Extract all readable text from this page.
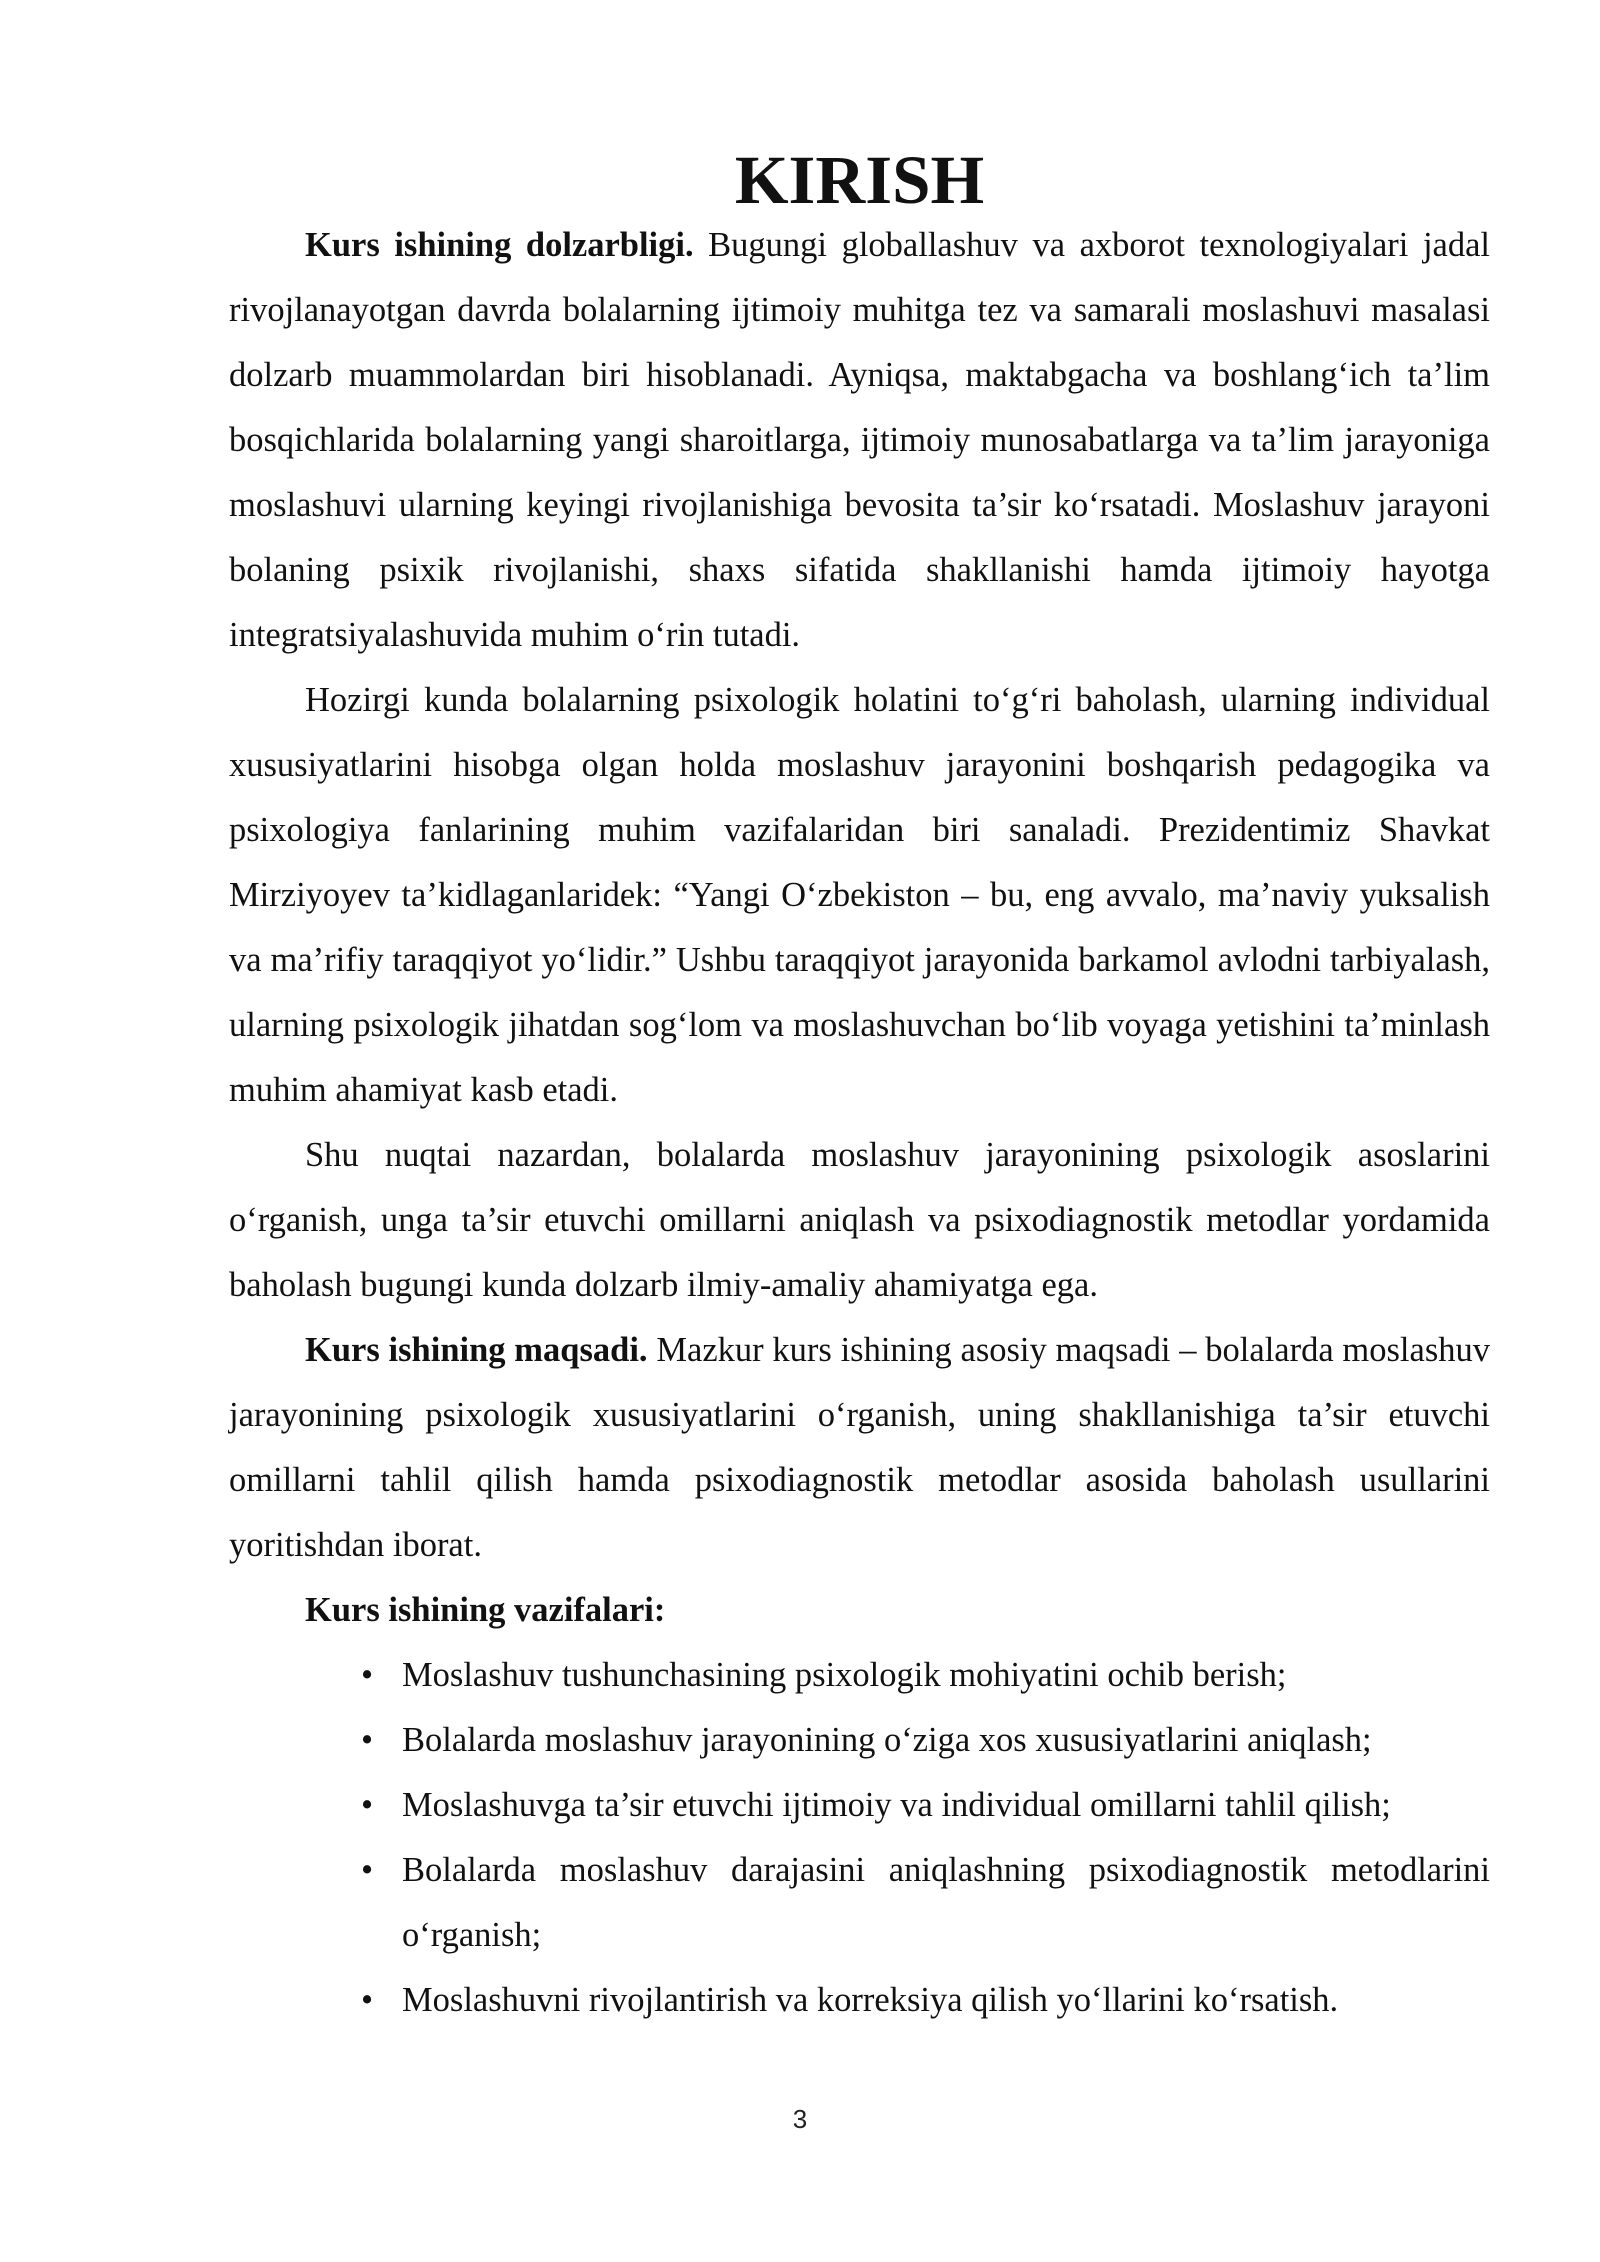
KIRISH

Kurs ishining dolzarbligi. Bugungi globallashuv va axborot texnologiyalari jadal rivojlanayotgan davrda bolalarning ijtimoiy muhitga tez va samarali moslashuvi masalasi dolzarb muammolardan biri hisoblanadi. Ayniqsa, maktabgacha va boshlang‘ich ta’lim bosqichlarida bolalarning yangi sharoitlarga, ijtimoiy munosabatlarga va ta’lim jarayoniga moslashuvi ularning keyingi rivojlanishiga bevosita ta’sir ko‘rsatadi. Moslashuv jarayoni bolaning psixik rivojlanishi, shaxs sifatida shakllanishi hamda ijtimoiy hayotga integratsiyalashuvida muhim o‘rin tutadi.

Hozirgi kunda bolalarning psixologik holatini to‘g‘ri baholash, ularning individual xususiyatlarini hisobga olgan holda moslashuv jarayonini boshqarish pedagogika va psixologiya fanlarining muhim vazifalaridan biri sanaladi. Prezidentimiz Shavkat Mirziyoyev ta’kidlaganlaridek: “Yangi O‘zbekiston – bu, eng avvalo, ma’naviy yuksalish va ma’rifiy taraqqiyot yo‘lidir.” Ushbu taraqqiyot jarayonida barkamol avlodni tarbiyalash, ularning psixologik jihatdan sog‘lom va moslashuvchan bo‘lib voyaga yetishini ta’minlash muhim ahamiyat kasb etadi.

Shu nuqtai nazardan, bolalarda moslashuv jarayonining psixologik asoslarini o‘rganish, unga ta’sir etuvchi omillarni aniqlash va psixodiagnostik metodlar yordamida baholash bugungi kunda dolzarb ilmiy-amaliy ahamiyatga ega.

Kurs ishining maqsadi. Mazkur kurs ishining asosiy maqsadi – bolalarda moslashuv jarayonining psixologik xususiyatlarini o‘rganish, uning shakllanishiga ta’sir etuvchi omillarni tahlil qilish hamda psixodiagnostik metodlar asosida baholash usullarini yoritishdan iborat.

Kurs ishining vazifalari:
• Moslashuv tushunchasining psixologik mohiyatini ochib berish;
• Bolalarda moslashuv jarayonining o‘ziga xos xususiyatlarini aniqlash;
• Moslashuvga ta’sir etuvchi ijtimoiy va individual omillarni tahlil qilish;
• Bolalarda moslashuv darajasini aniqlashning psixodiagnostik metodlarini o‘rganish;
• Moslashuvni rivojlantirish va korreksiya qilish yo‘llarini ko‘rsatish.
3
